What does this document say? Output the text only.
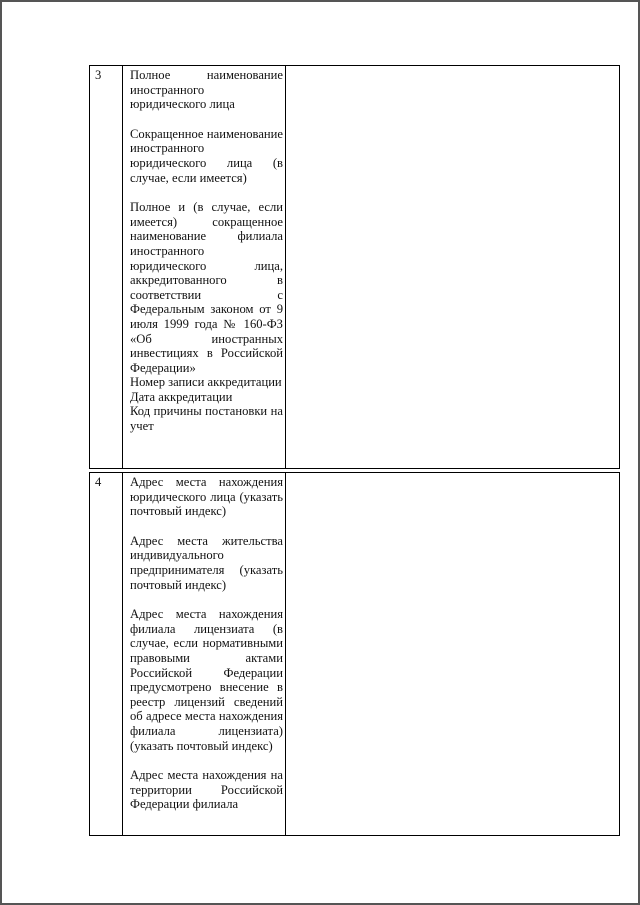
3	Полное наименование иностранного юридического лица

Сокращенное наименование иностранного юридического лица (в случае, если имеется)

Полное и (в случае, если имеется) сокращенное наименование филиала иностранного юридического лица, аккредитованного в соответствии с Федеральным законом от 9 июля 1999 года № 160-ФЗ «Об иностранных инвестициях в Российской Федерации»

Номер записи аккредитации
Дата аккредитации
Код причины постановки на учет
4	Адрес места нахождения юридического лица (указать почтовый индекс)

Адрес места жительства индивидуального предпринимателя (указать почтовый индекс)

Адрес места нахождения филиала лицензиата (в случае, если нормативными правовыми актами Российской Федерации предусмотрено внесение в реестр лицензий сведений об адресе места нахождения филиала лицензиата) (указать почтовый индекс)

Адрес места нахождения на территории Российской Федерации филиала
